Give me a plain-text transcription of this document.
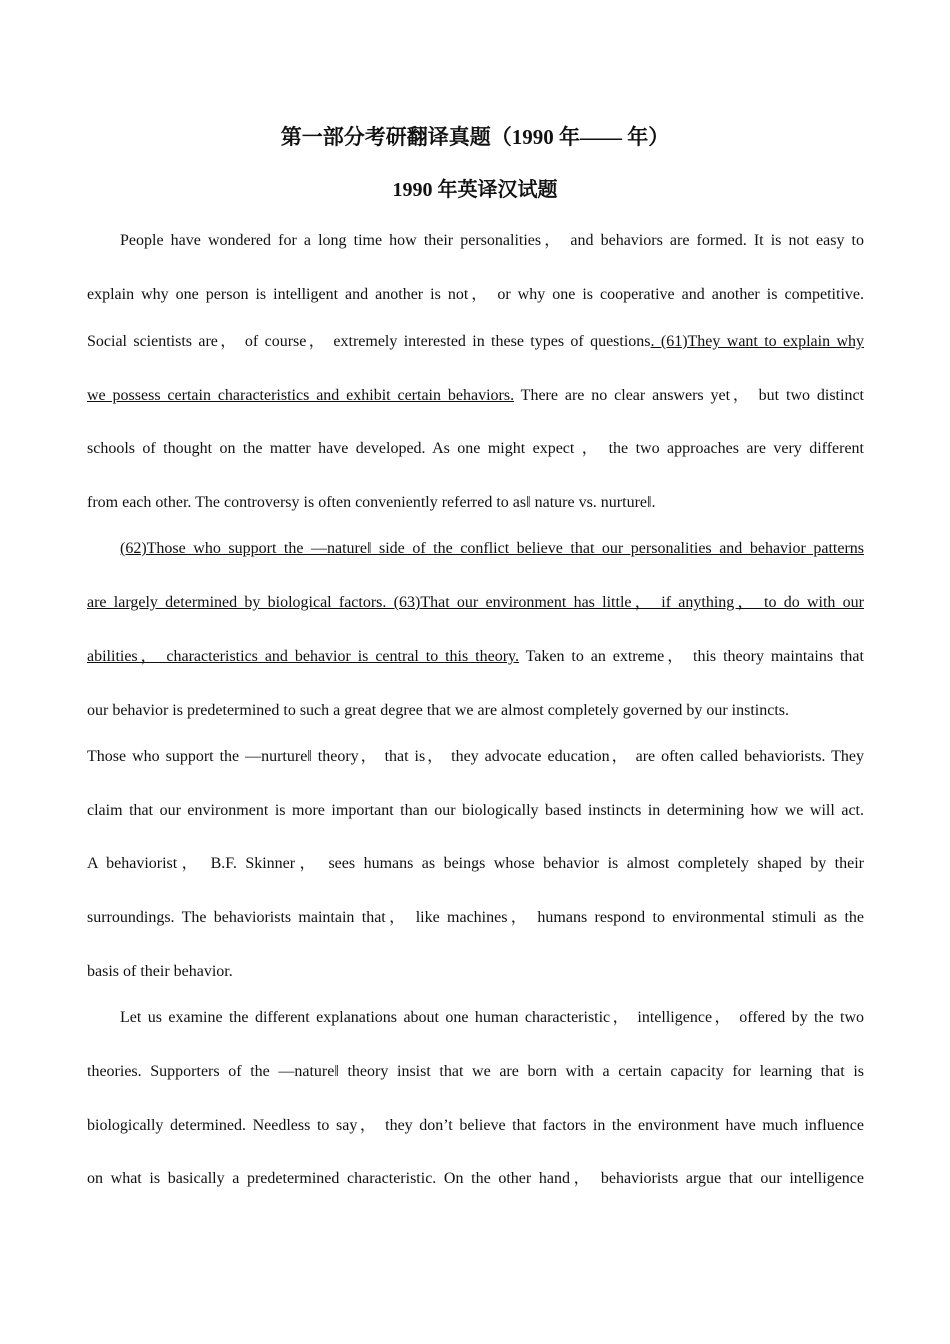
第一部分考研翻译真题（1990 年—— 年）
1990 年英译汉试题
People have wondered for a long time how their personalities， and behaviors are formed. It is not easy to
explain why one person is intelligent and another is not， or why one is cooperative and another is competitive.
Social scientists are， of course， extremely interested in these types of questions. (61)They want to explain why
we possess certain characteristics and exhibit certain behaviors. There are no clear answers yet， but two distinct
schools of thought on the matter have developed. As one might expect ， the two approaches are very different
from each other. The controversy is often conveniently referred to as‖ nature vs. nurture‖.
(62)Those who support the —nature‖ side of the conflict believe that our personalities and behavior patterns
are largely determined by biological factors. (63)That our environment has little， if anything， to do with our
abilities， characteristics and behavior is central to this theory. Taken to an extreme， this theory maintains that
our behavior is predetermined to such a great degree that we are almost completely governed by our instincts.
Those who support the —nurture‖ theory， that is， they advocate education， are often called behaviorists. They
claim that our environment is more important than our biologically based instincts in determining how we will act.
A behaviorist， B.F. Skinner， sees humans as beings whose behavior is almost completely shaped by their
surroundings. The behaviorists maintain that， like machines， humans respond to environmental stimuli as the
basis of their behavior.
Let us examine the different explanations about one human characteristic， intelligence， offered by the two
theories. Supporters of the —nature‖ theory insist that we are born with a certain capacity for learning that is
biologically determined. Needless to say， they don’t believe that factors in the environment have much influence
on what is basically a predetermined characteristic. On the other hand， behaviorists argue that our intelligence
